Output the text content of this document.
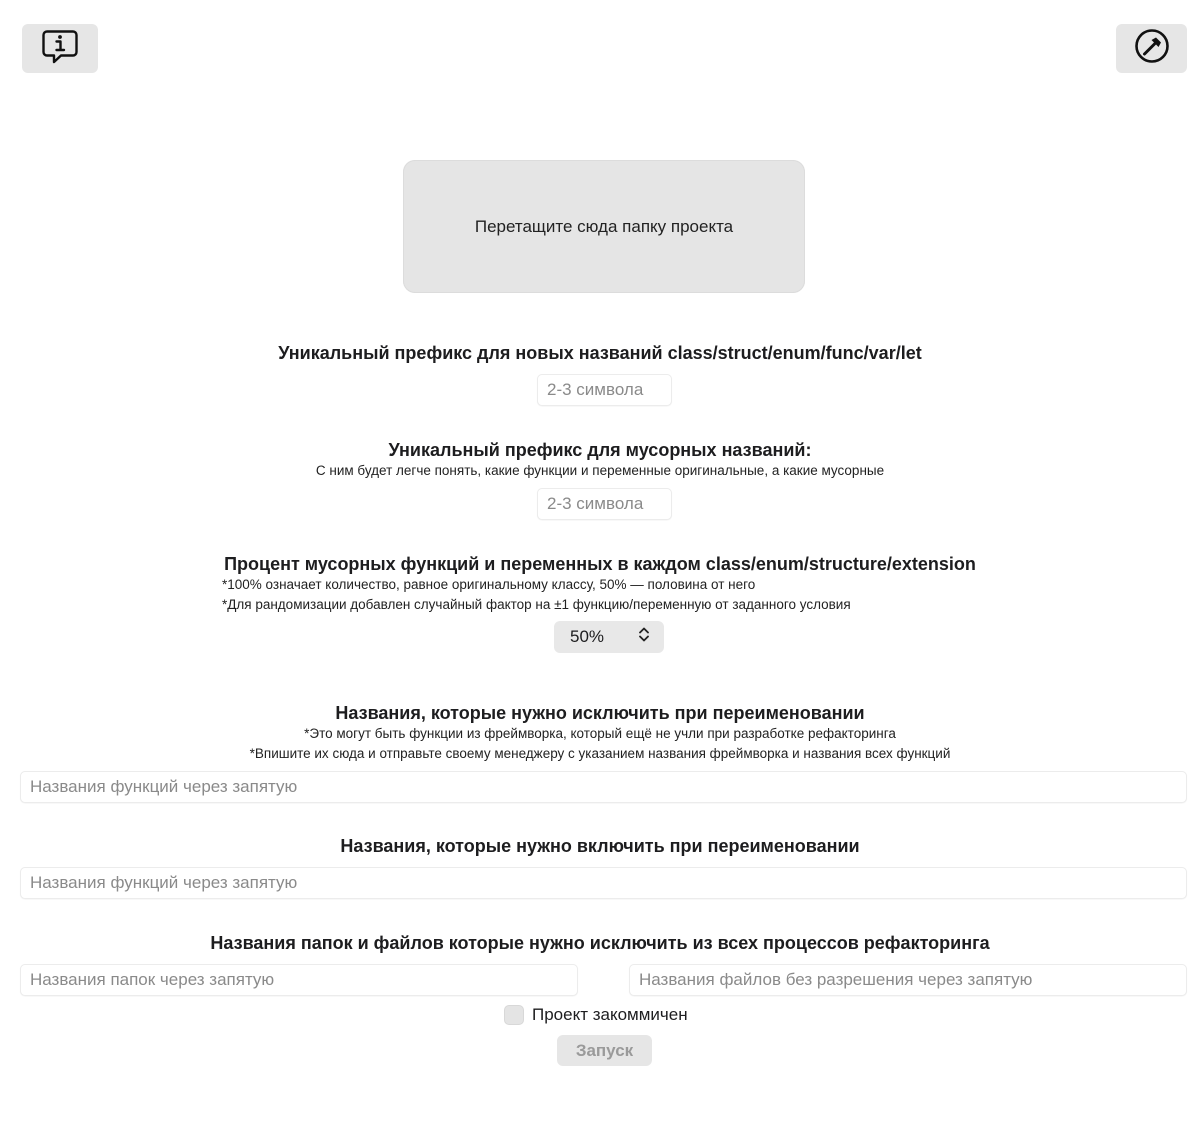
Перетащите сюда папку проекта
Уникальный префикс для новых названий class/struct/enum/func/var/let
2-3 символа
Уникальный префикс для мусорных названий:
С ним будет легче понять, какие функции и переменные оригинальные, а какие мусорные
2-3 символа
Процент мусорных функций и переменных в каждом class/enum/structure/extension
*100% означает количество, равное оригинальному классу, 50% — половина от него
*Для рандомизации добавлен случайный фактор на ±1 функцию/переменную от заданного условия
50%
Названия, которые нужно исключить при переименовании
*Это могут быть функции из фреймворка, который ещё не учли при разработке рефакторинга
*Впишите их сюда и отправьте своему менеджеру с указанием названия фреймворка и названия всех функций
Названия функций через запятую
Названия, которые нужно включить при переименовании
Названия функций через запятую
Названия папок и файлов которые нужно исключить из всех процессов рефакторинга
Названия папок через запятую
Названия файлов без разрешения через запятую
Проект закоммичен
Запуск
